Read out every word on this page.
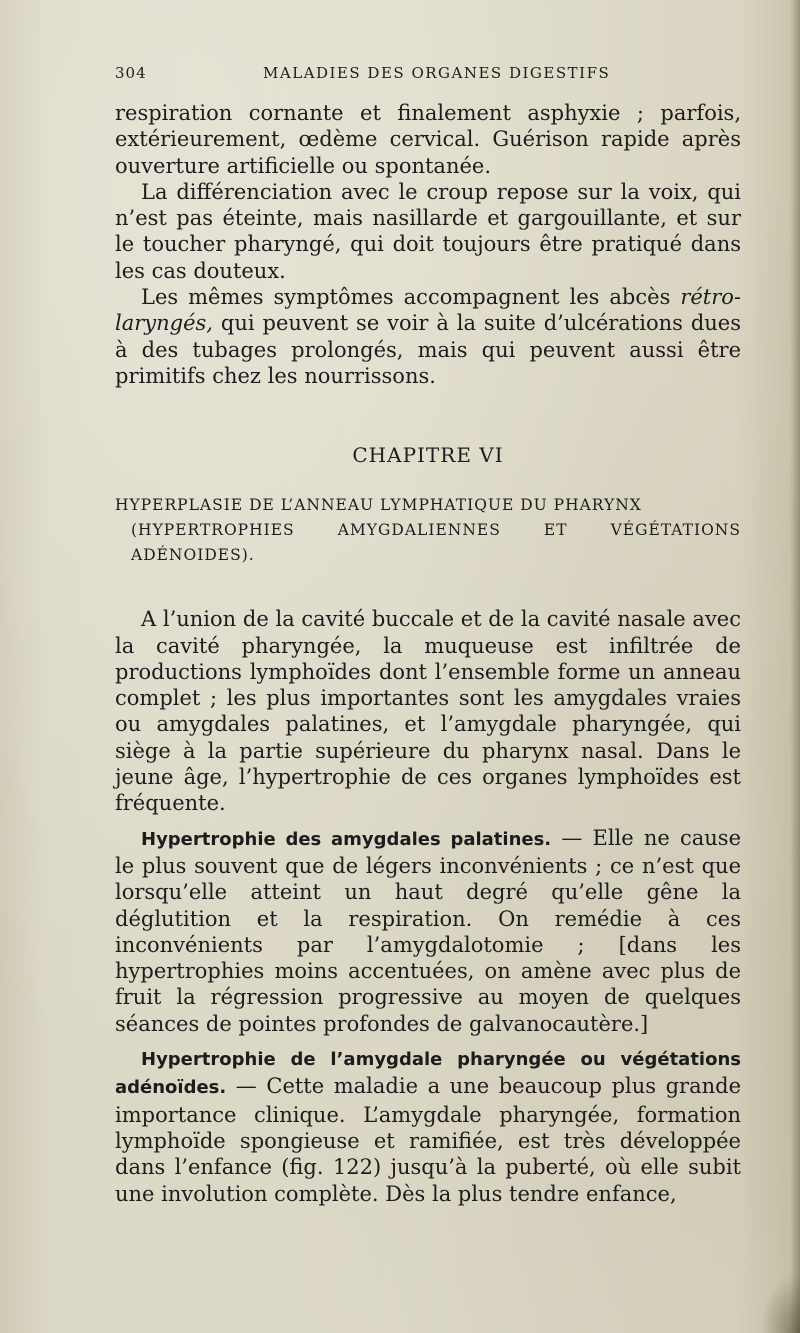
304	MALADIES DES ORGANES DIGESTIFS

respiration cornante et finalement asphyxie ; parfois, extérieurement, œdème cervical. Guérison rapide après ouverture artificielle ou spontanée.

La différenciation avec le croup repose sur la voix, qui n’est pas éteinte, mais nasillarde et gargouillante, et sur le toucher pharyngé, qui doit toujours être pratiqué dans les cas douteux.

Les mêmes symptômes accompagnent les abcès rétro-laryngés, qui peuvent se voir à la suite d’ulcérations dues à des tubages prolongés, mais qui peuvent aussi être primitifs chez les nourrissons.

CHAPITRE VI
HYPERPLASIE DE L’ANNEAU LYMPHATIQUE DU PHARYNX
(HYPERTROPHIES AMYGDALIENNES ET VÉGÉTATIONS ADÉNOIDES).

A l’union de la cavité buccale et de la cavité nasale avec la cavité pharyngée, la muqueuse est infiltrée de productions lymphoïdes dont l’ensemble forme un anneau complet ; les plus importantes sont les amygdales vraies ou amygdales palatines, et l’amygdale pharyngée, qui siège à la partie supérieure du pharynx nasal. Dans le jeune âge, l’hypertrophie de ces organes lymphoïdes est fréquente.

Hypertrophie des amygdales palatines. — Elle ne cause le plus souvent que de légers inconvénients ; ce n’est que lorsqu’elle atteint un haut degré qu’elle gêne la déglutition et la respiration. On remédie à ces inconvénients par l’amygdalotomie ; [dans les hypertrophies moins accentuées, on amène avec plus de fruit la régression progressive au moyen de quelques séances de pointes profondes de galvanocautère.]

Hypertrophie de l’amygdale pharyngée ou végétations adénoïdes. — Cette maladie a une beaucoup plus grande importance clinique. L’amygdale pharyngée, formation lymphoïde spongieuse et ramifiée, est très développée dans l’enfance (fig. 122) jusqu’à la puberté, où elle subit une involution complète. Dès la plus tendre enfance,
